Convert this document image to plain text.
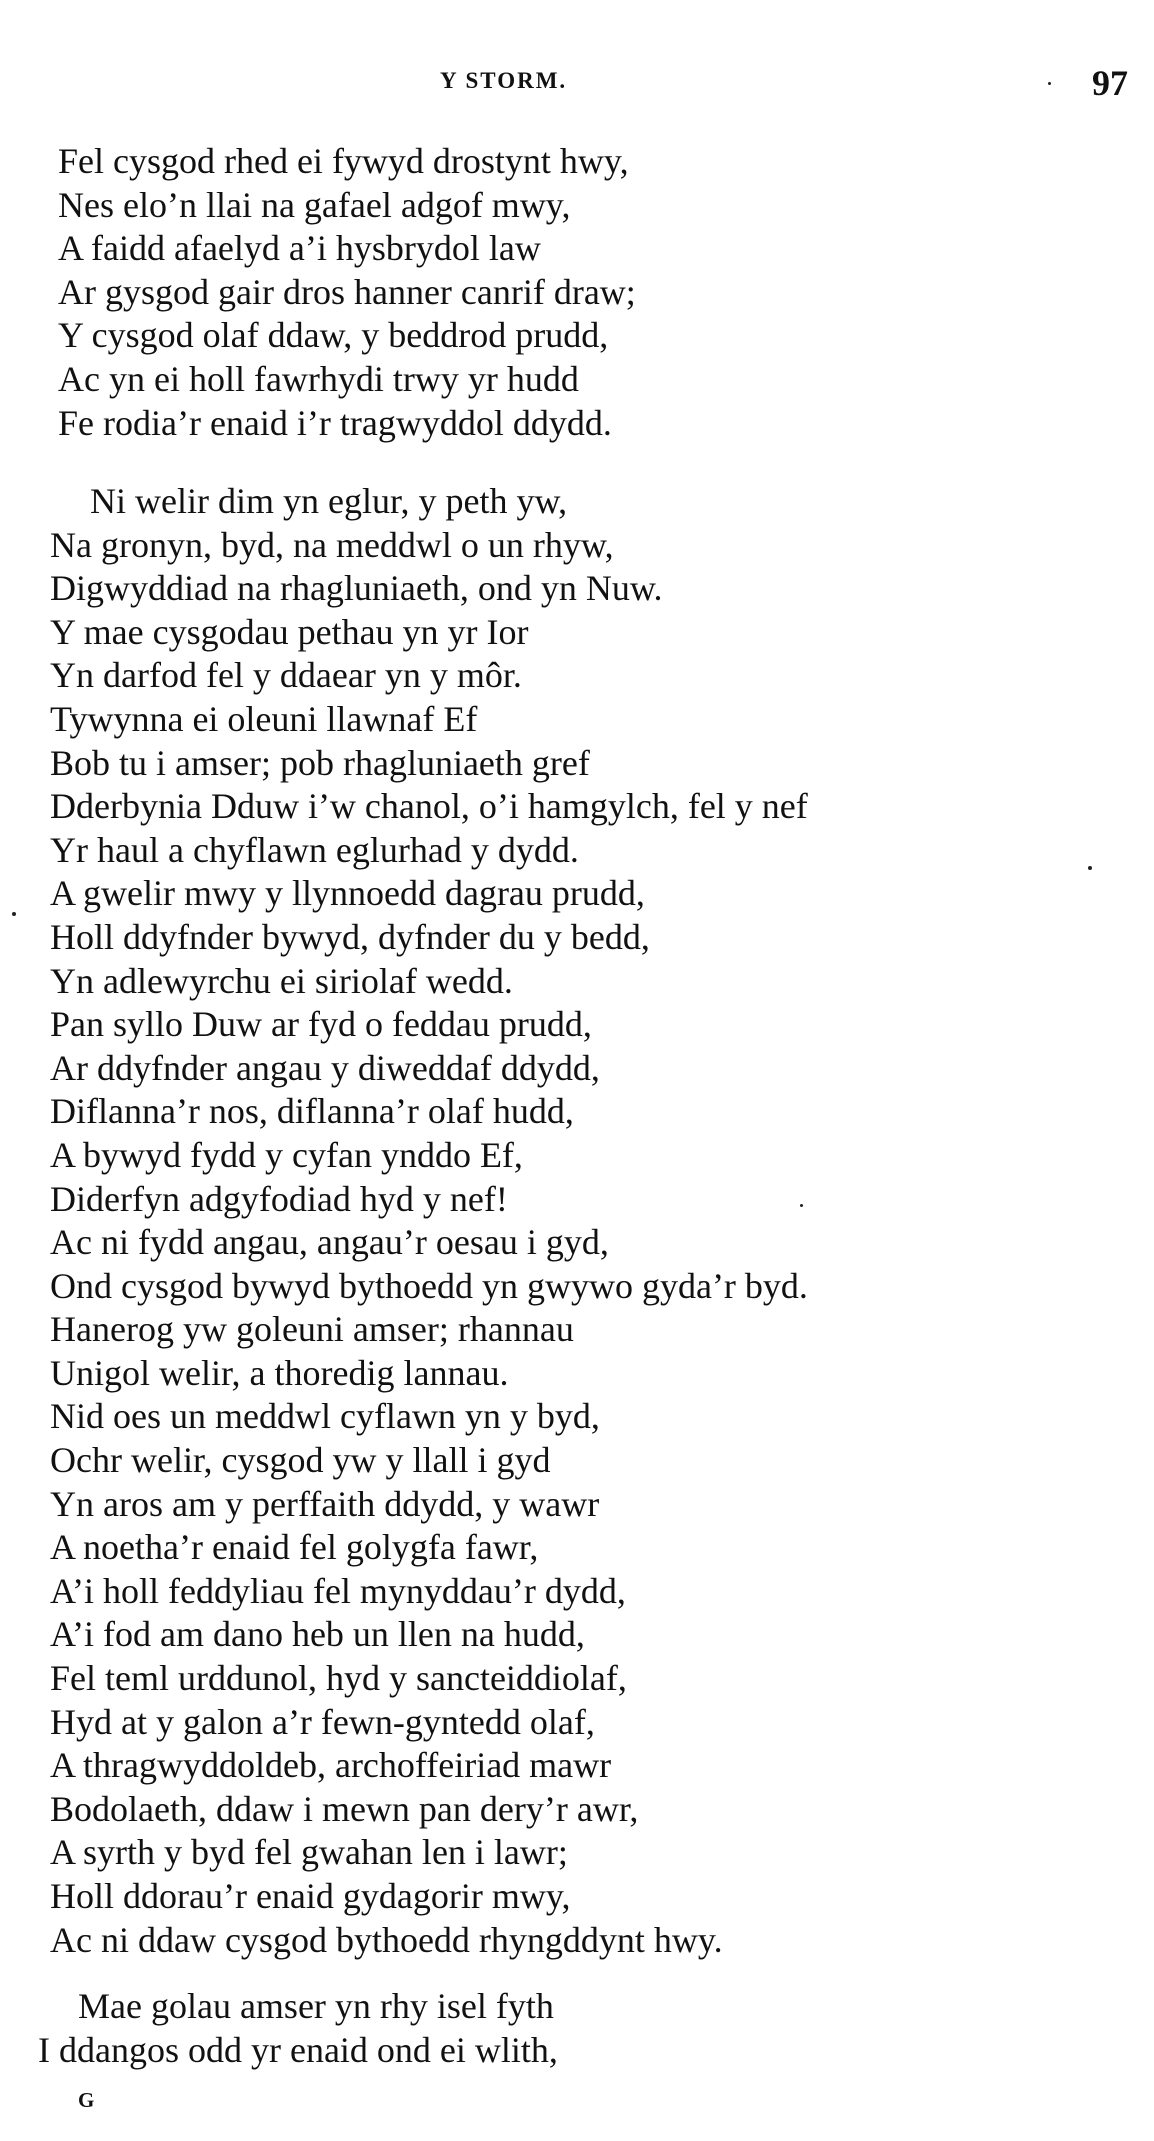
Y STORM.	97
Fel cysgod rhed ei fywyd drostynt hwy,
Nes elo’n llai na gafael adgof mwy,
A faidd afaelyd a’i hysbrydol law
Ar gysgod gair dros hanner canrif draw;
Y cysgod olaf ddaw, y beddrod prudd,
Ac yn ei holl fawrhydi trwy yr hudd
Fe rodia’r enaid i’r tragwyddol ddydd.
Ni welir dim yn eglur, y peth yw,
Na gronyn, byd, na meddwl o un rhyw,
Digwyddiad na rhagluniaeth, ond yn Nuw.
Y mae cysgodau pethau yn yr Ior
Yn darfod fel y ddaear yn y môr.
Tywynna ei oleuni llawnaf Ef
Bob tu i amser; pob rhagluniaeth gref
Dderbynia Dduw i’w chanol, o’i hamgylch, fel y nef
Yr haul a chyflawn eglurhad y dydd.
A gwelir mwy y llynnoedd dagrau prudd,
Holl ddyfnder bywyd, dyfnder du y bedd,
Yn adlewyrchu ei siriolaf wedd.
Pan syllo Duw ar fyd o feddau prudd,
Ar ddyfnder angau y diweddaf ddydd,
Diflanna’r nos, diflanna’r olaf hudd,
A bywyd fydd y cyfan ynddo Ef,
Diderfyn adgyfodiad hyd y nef!
Ac ni fydd angau, angau’r oesau i gyd,
Ond cysgod bywyd bythoedd yn gwywo gyda’r byd.
Hanerog yw goleuni amser; rhannau
Unigol welir, a thoredig lannau.
Nid oes un meddwl cyflawn yn y byd,
Ochr welir, cysgod yw y llall i gyd
Yn aros am y perffaith ddydd, y wawr
A noetha’r enaid fel golygfa fawr,
A’i holl feddyliau fel mynyddau’r dydd,
A’i fod am dano heb un llen na hudd,
Fel teml urddunol, hyd y sancteiddiolaf,
Hyd at y galon a’r fewn-gyntedd olaf,
A thragwyddoldeb, archoffeiriad mawr
Bodolaeth, ddaw i mewn pan dery’r awr,
A syrth y byd fel gwahan len i lawr;
Holl ddorau’r enaid gydagorir mwy,
Ac ni ddaw cysgod bythoedd rhyngddynt hwy.
Mae golau amser yn rhy isel fyth
I ddangos odd yr enaid ond ei wlith,
G
